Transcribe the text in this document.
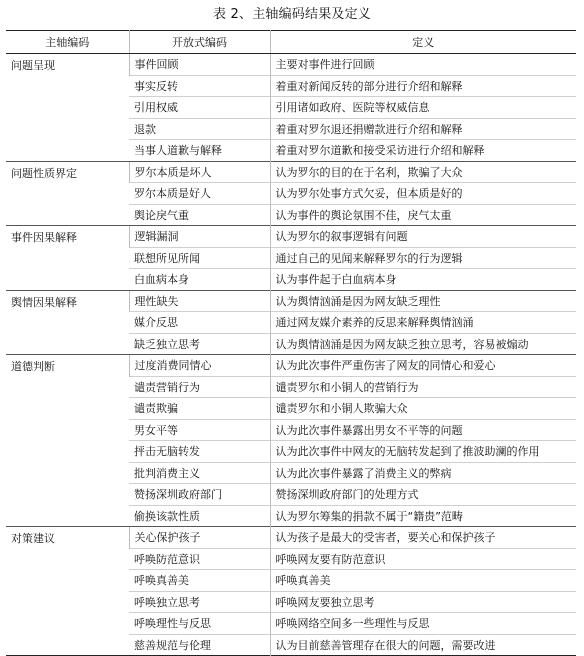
表 2、主轴编码结果及定义
主轴编码	开放式编码	定义
问题呈现	事件回顾	主要对事件进行回顾
	事实反转	着重对新闻反转的部分进行介绍和解释
	引用权威	引用诸如政府、医院等权威信息
	退款	着重对罗尔退还捐赠款进行介绍和解释
	当事人道歉与解释	着重对罗尔道歉和接受采访进行介绍和解释
问题性质界定	罗尔本质是坏人	认为罗尔的目的在于名利，欺骗了大众
	罗尔本质是好人	认为罗尔处事方式欠妥，但本质是好的
	舆论戾气重	认为事件的舆论氛围不佳，戾气太重
事件因果解释	逻辑漏洞	认为罗尔的叙事逻辑有问题
	联想所见所闻	通过自己的见闻来解释罗尔的行为逻辑
	白血病本身	认为事件起于白血病本身
舆情因果解释	理性缺失	认为舆情汹涌是因为网友缺乏理性
	媒介反思	通过网友媒介素养的反思来解释舆情汹涌
	缺乏独立思考	认为舆情汹涌是因为网友缺乏独立思考，容易被煽动
道德判断	过度消费同情心	认为此次事件严重伤害了网友的同情心和爱心
	谴责营销行为	谴责罗尔和小铜人的营销行为
	谴责欺骗	谴责罗尔和小铜人欺骗大众
	男女平等	认为此次事件暴露出男女不平等的问题
	抨击无脑转发	认为此次事件中网友的无脑转发起到了推波助澜的作用
	批判消费主义	认为此次事件暴露了消费主义的弊病
	赞扬深圳政府部门	赞扬深圳政府部门的处理方式
	偷换该款性质	认为罗尔筹集的捐款不属于“籍贵”范畴
对策建议	关心保护孩子	认为孩子是最大的受害者，要关心和保护孩子
	呼唤防范意识	呼唤网友要有防范意识
	呼唤真善美	呼唤真善美
	呼唤独立思考	呼唤网友要独立思考
	呼唤理性与反思	呼唤网络空间多一些理性与反思
	慈善规范与伦理	认为目前慈善管理存在很大的问题，需要改进
